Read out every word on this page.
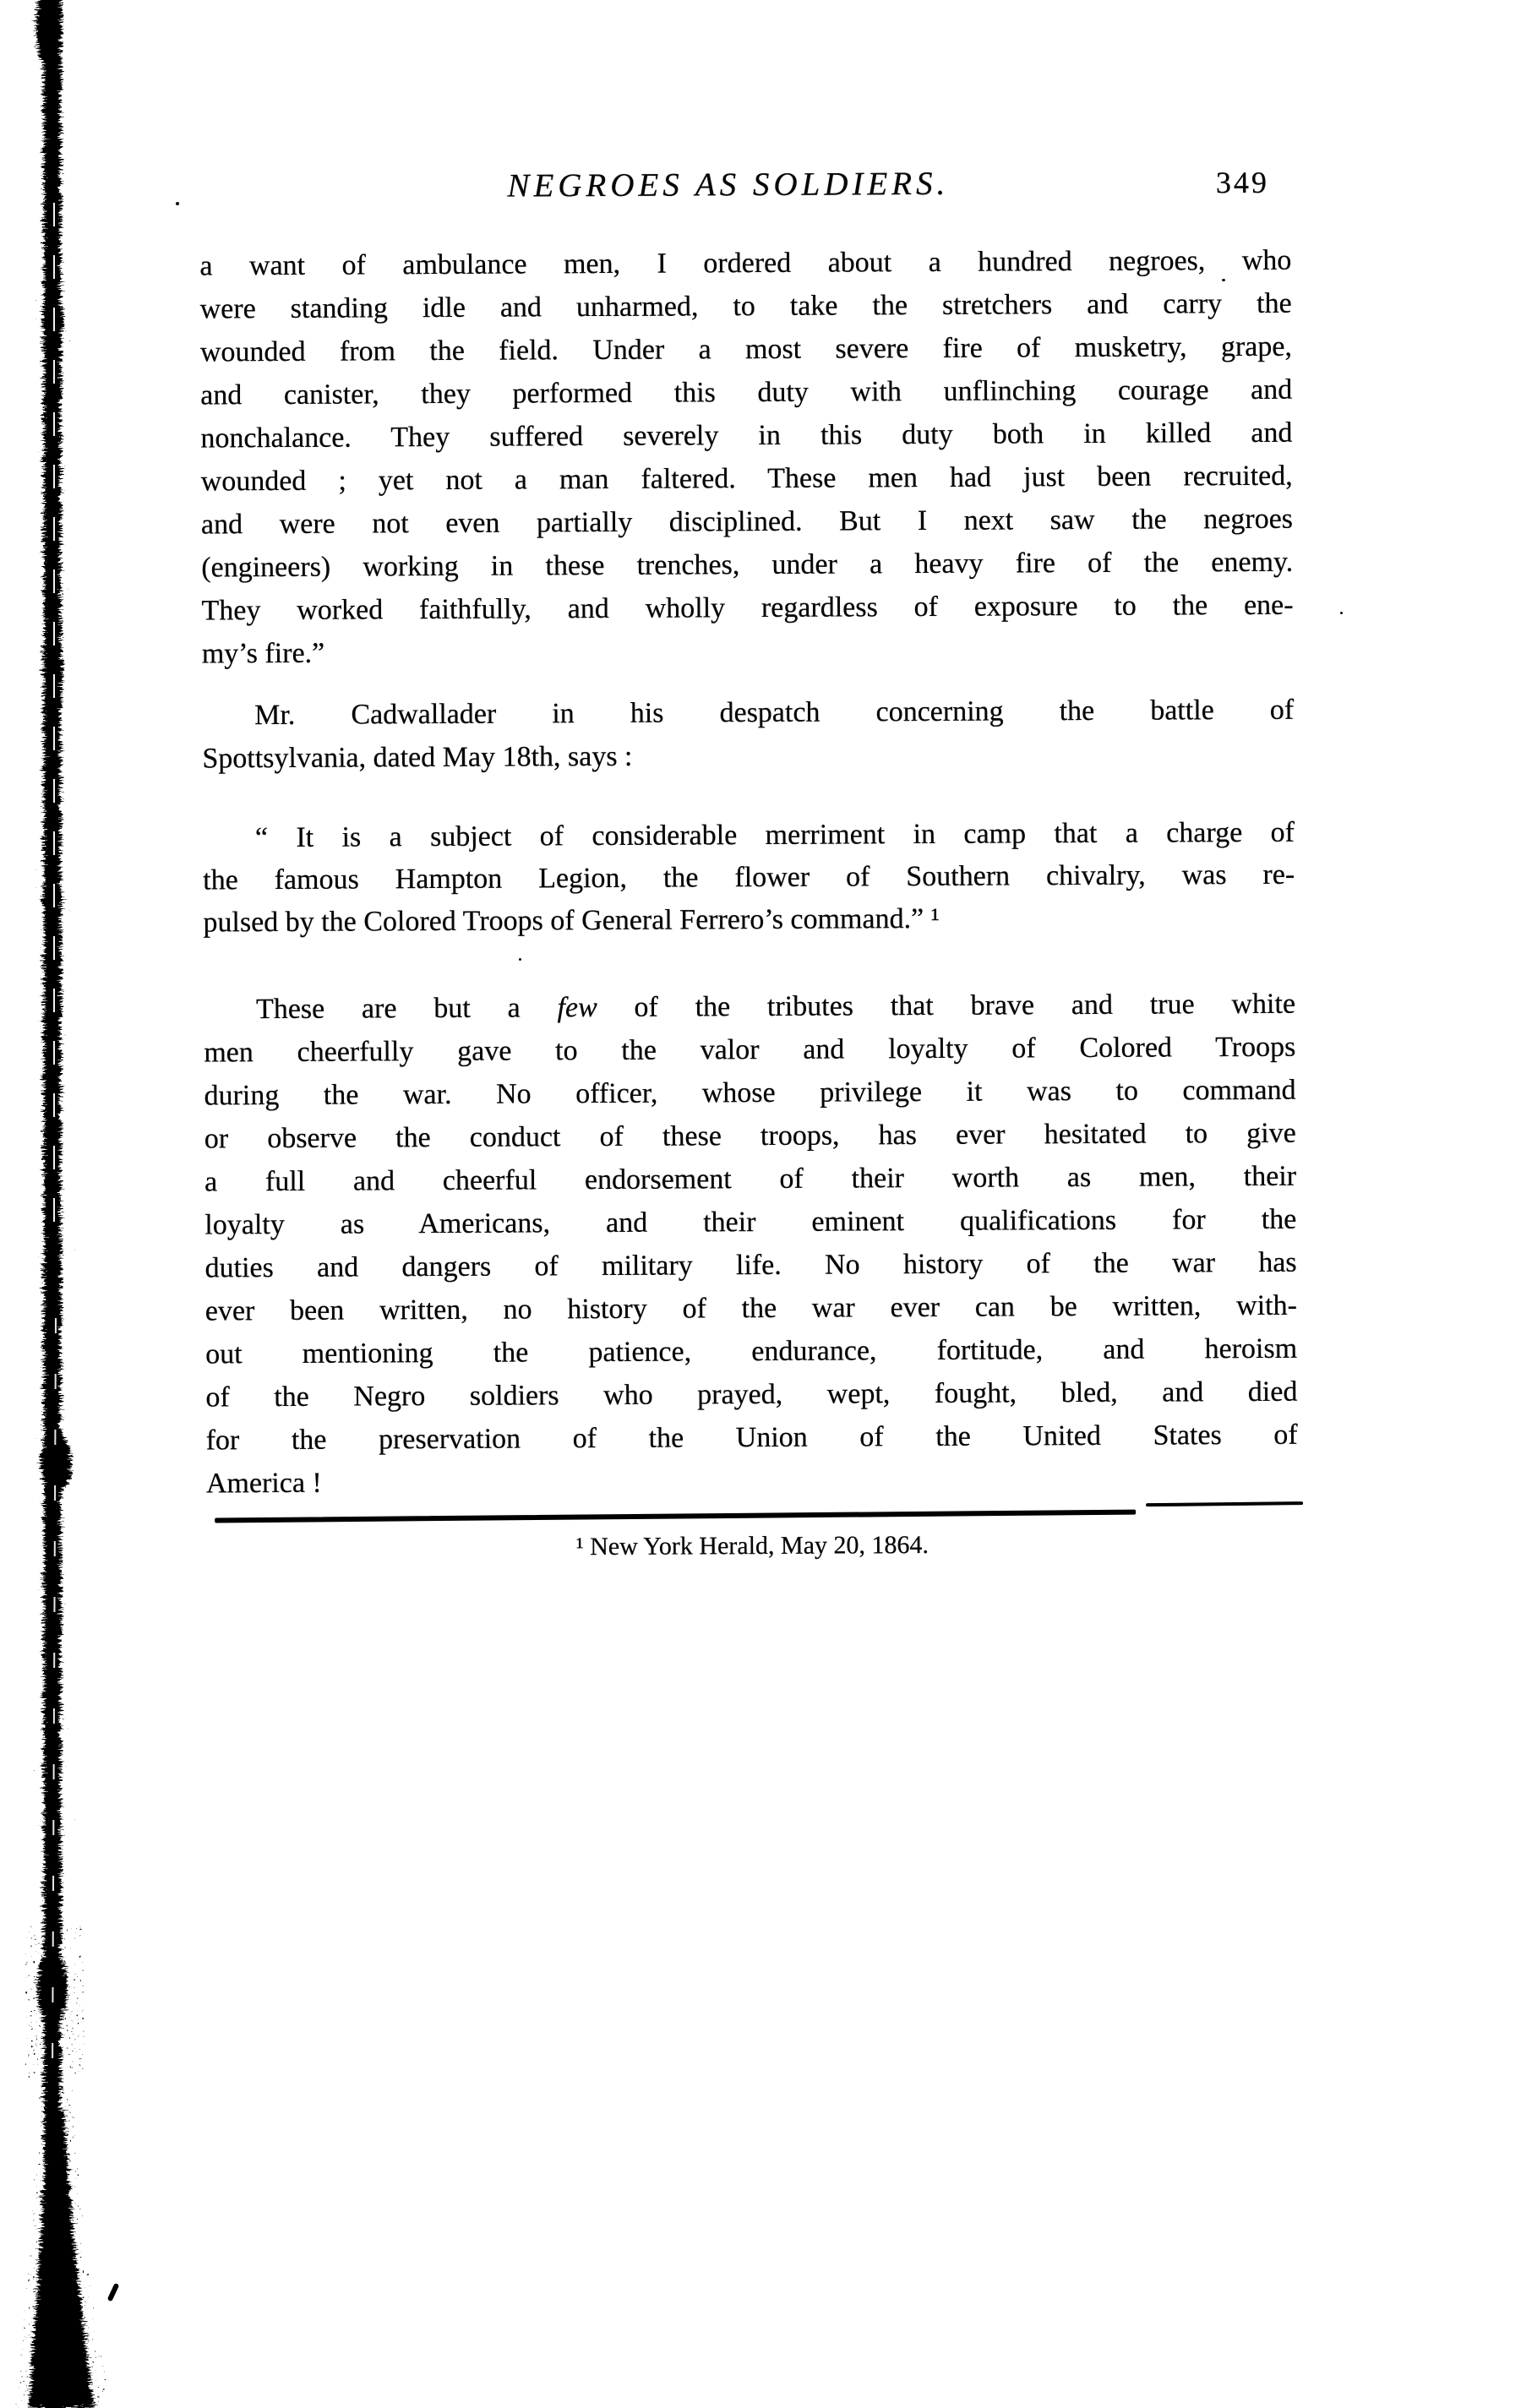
NEGROES AS SOLDIERS.	349
a want of ambulance men, I ordered about a hundred negroes, who
were standing idle and unharmed, to take the stretchers and carry the
wounded from the field. Under a most severe fire of musketry, grape,
and canister, they performed this duty with unflinching courage and
nonchalance. They suffered severely in this duty both in killed and
wounded ; yet not a man faltered. These men had just been recruited,
and were not even partially disciplined. But I next saw the negroes
(engineers) working in these trenches, under a heavy fire of the enemy.
They worked faithfully, and wholly regardless of exposure to the ene-
my’s fire.”
Mr. Cadwallader in his despatch concerning the battle of
Spottsylvania, dated May 18th, says :
“ It is a subject of considerable merriment in camp that a charge of
the famous Hampton Legion, the flower of Southern chivalry, was re-
pulsed by the Colored Troops of General Ferrero’s command.” ¹
These are but a few of the tributes that brave and true white
men cheerfully gave to the valor and loyalty of Colored Troops
during the war. No officer, whose privilege it was to command
or observe the conduct of these troops, has ever hesitated to give
a full and cheerful endorsement of their worth as men, their
loyalty as Americans, and their eminent qualifications for the
duties and dangers of military life. No history of the war has
ever been written, no history of the war ever can be written, with-
out mentioning the patience, endurance, fortitude, and heroism
of the Negro soldiers who prayed, wept, fought, bled, and died
for the preservation of the Union of the United States of
America !
¹ New York Herald, May 20, 1864.
